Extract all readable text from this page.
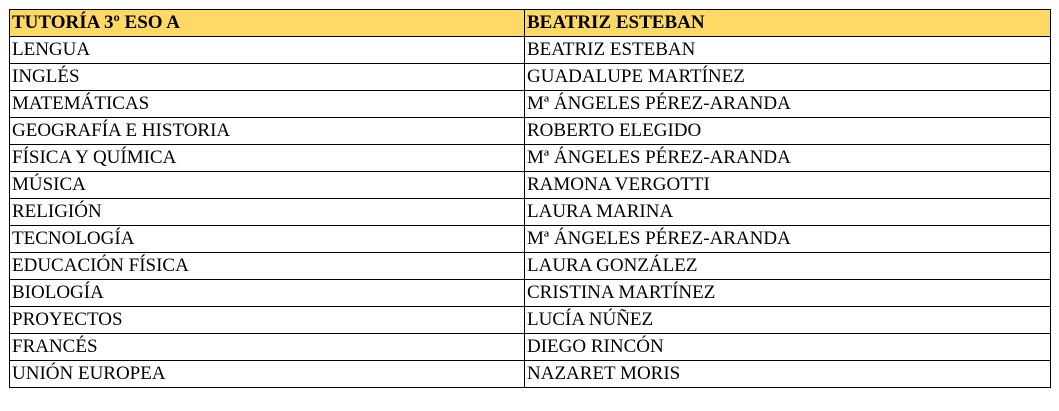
TUTORÍA 3º ESO A	BEATRIZ ESTEBAN
LENGUA	BEATRIZ ESTEBAN
INGLÉS	GUADALUPE MARTÍNEZ
MATEMÁTICAS	Mª ÁNGELES PÉREZ-ARANDA
GEOGRAFÍA E HISTORIA	ROBERTO ELEGIDO
FÍSICA Y QUÍMICA	Mª ÁNGELES PÉREZ-ARANDA
MÚSICA	RAMONA VERGOTTI
RELIGIÓN	LAURA MARINA
TECNOLOGÍA	Mª ÁNGELES PÉREZ-ARANDA
EDUCACIÓN FÍSICA	LAURA GONZÁLEZ
BIOLOGÍA	CRISTINA MARTÍNEZ
PROYECTOS	LUCÍA NÚÑEZ
FRANCÉS	DIEGO RINCÓN
UNIÓN EUROPEA	NAZARET MORIS
